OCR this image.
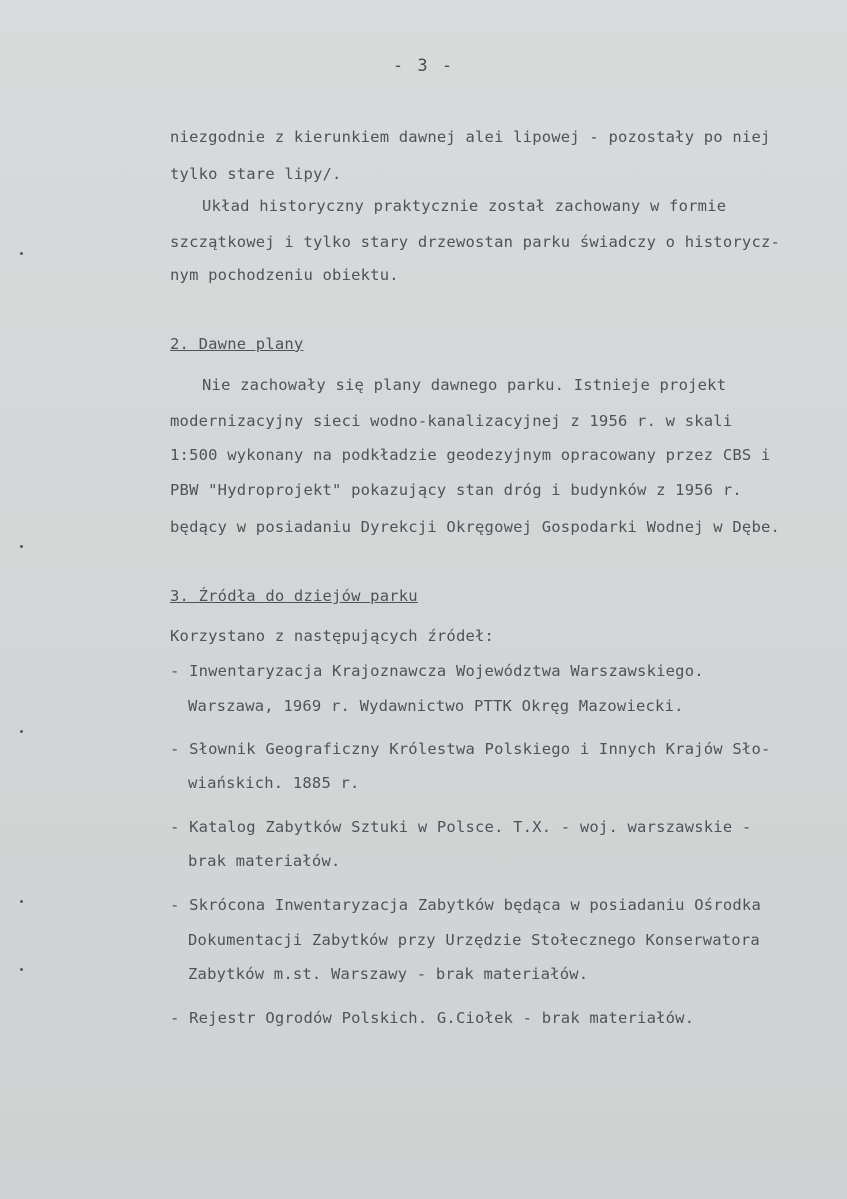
- 3 -
niezgodnie z kierunkiem dawnej alei lipowej - pozostały po niej
tylko stare lipy/.
Układ historyczny praktycznie został zachowany w formie
szczątkowej i tylko stary drzewostan parku świadczy o historycz-
nym pochodzeniu obiektu.
2. Dawne plany
Nie zachowały się plany dawnego parku. Istnieje projekt
modernizacyjny sieci wodno-kanalizacyjnej z 1956 r. w skali
1:500 wykonany na podkładzie geodezyjnym opracowany przez CBS i
PBW "Hydroprojekt" pokazujący stan dróg i budynków z 1956 r.
będący w posiadaniu Dyrekcji Okręgowej Gospodarki Wodnej w Dębe.
3. Źródła do dziejów parku
Korzystano z następujących źródeł:
- Inwentaryzacja Krajoznawcza Województwa Warszawskiego.
Warszawa, 1969 r. Wydawnictwo PTTK Okręg Mazowiecki.
- Słownik Geograficzny Królestwa Polskiego i Innych Krajów Sło-
wiańskich. 1885 r.
- Katalog Zabytków Sztuki w Polsce. T.X. - woj. warszawskie -
brak materiałów.
- Skrócona Inwentaryzacja Zabytków będąca w posiadaniu Ośrodka
Dokumentacji Zabytków przy Urzędzie Stołecznego Konserwatora
Zabytków m.st. Warszawy - brak materiałów.
- Rejestr Ogrodów Polskich. G.Ciołek - brak materiałów.
